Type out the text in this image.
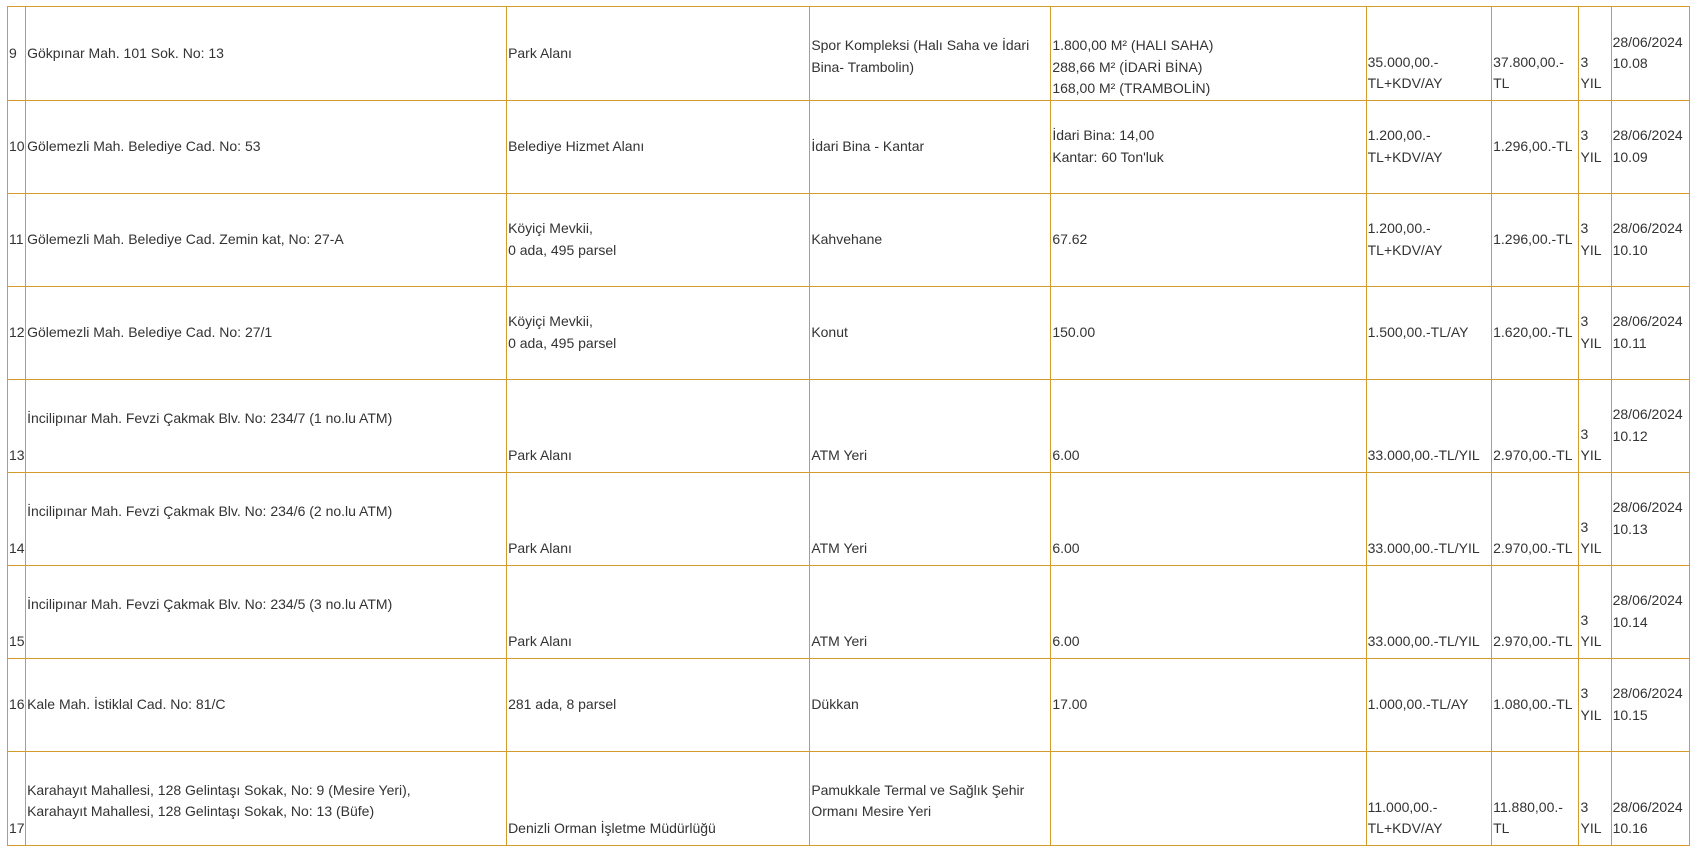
9	Gökpınar Mah. 101 Sok. No: 13	Park Alanı	Spor Kompleksi (Halı Saha ve İdari
Bina- Trambolin)	1.800,00 M² (HALI SAHA)
288,66 M² (İDARİ BİNA)
168,00 M² (TRAMBOLİN)	35.000,00.-
TL+KDV/AY	37.800,00.-
TL	3
YIL	28/06/2024
10.08

10	Gölemezli Mah. Belediye Cad. No: 53	Belediye Hizmet Alanı	İdari Bina - Kantar	İdari Bina: 14,00
Kantar: 60 Ton'luk	1.200,00.-
TL+KDV/AY	1.296,00.-TL	3
YIL	28/06/2024
10.09

11	Gölemezli Mah. Belediye Cad. Zemin kat, No: 27-A	Köyiçi Mevkii,
0 ada, 495 parsel	Kahvehane	67.62	1.200,00.-
TL+KDV/AY	1.296,00.-TL	3
YIL	28/06/2024
10.10

12	Gölemezli Mah. Belediye Cad. No: 27/1	Köyiçi Mevkii,
0 ada, 495 parsel	Konut	150.00	1.500,00.-TL/AY	1.620,00.-TL	3
YIL	28/06/2024
10.11

13	İncilipınar Mah. Fevzi Çakmak Blv. No: 234/7 (1 no.lu ATM)	Park Alanı	ATM Yeri	6.00	33.000,00.-TL/YIL	2.970,00.-TL	3
YIL	28/06/2024
10.12

14	İncilipınar Mah. Fevzi Çakmak Blv. No: 234/6 (2 no.lu ATM)	Park Alanı	ATM Yeri	6.00	33.000,00.-TL/YIL	2.970,00.-TL	3
YIL	28/06/2024
10.13

15	İncilipınar Mah. Fevzi Çakmak Blv. No: 234/5 (3 no.lu ATM)	Park Alanı	ATM Yeri	6.00	33.000,00.-TL/YIL	2.970,00.-TL	3
YIL	28/06/2024
10.14

16	Kale Mah. İstiklal Cad. No: 81/C	281 ada, 8 parsel	Dükkan	17.00	1.000,00.-TL/AY	1.080,00.-TL	3
YIL	28/06/2024
10.15

17	Karahayıt Mahallesi, 128 Gelintaşı Sokak, No: 9 (Mesire Yeri),
Karahayıt Mahallesi, 128 Gelintaşı Sokak, No: 13 (Büfe)	Denizli Orman İşletme Müdürlüğü	Pamukkale Termal ve Sağlık Şehir
Ormanı Mesire Yeri		11.000,00.-
TL+KDV/AY	11.880,00.-
TL	3
YIL	28/06/2024
10.16
